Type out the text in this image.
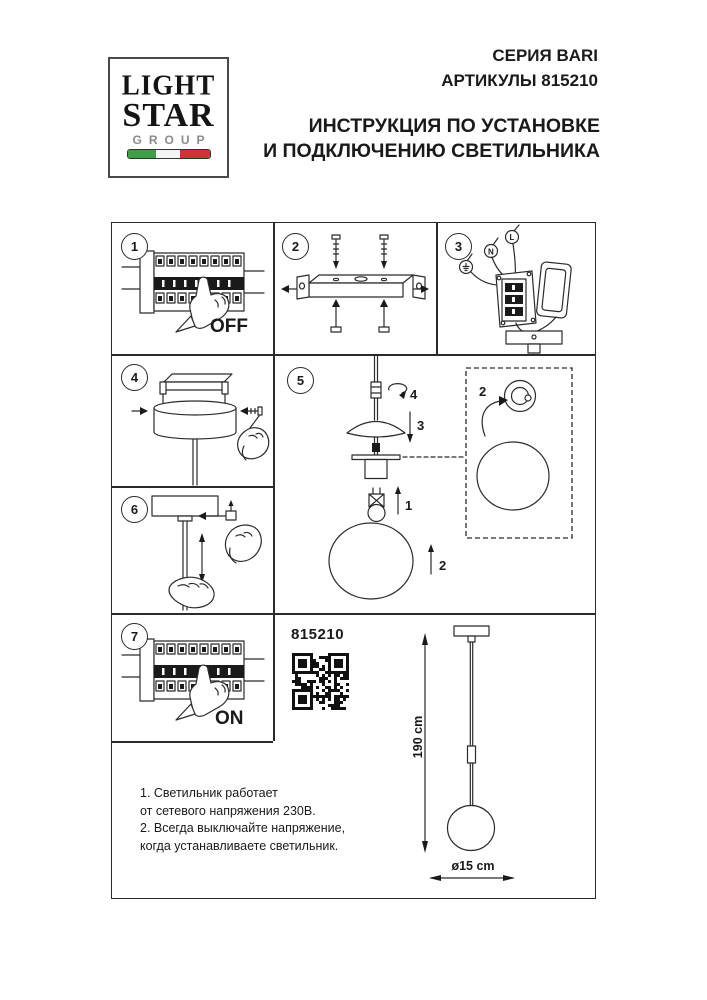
LIGHT
STAR
GROUP
СЕРИЯ BARI
АРТИКУЛЫ 815210
ИНСТРУКЦИЯ ПО УСТАНОВКЕ
И ПОДКЛЮЧЕНИЮ СВЕТИЛЬНИКА
1
OFF
2
L
N
3
4
4
3
1
2
2
5
6
7
ON
815210
190 cm
ø15 cm
1. Светильник работает
от сетевого напряжения 230В.
2. Всегда выключайте напряжение,
когда устанавливаете светильник.
